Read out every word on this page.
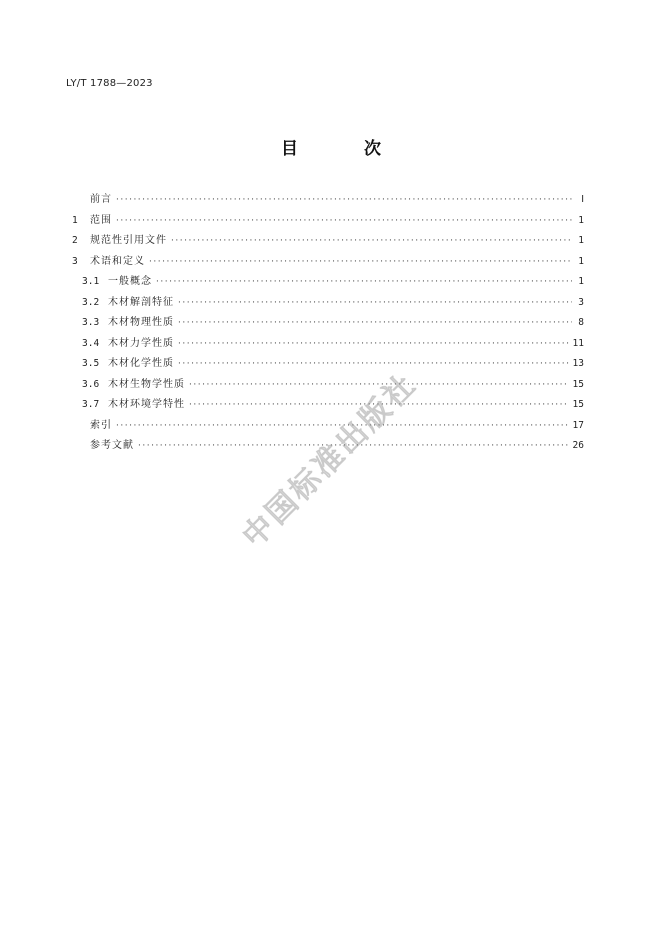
LY/T 1788—2023
目 次
前言 ·····	Ⅰ
1	范围 ·····	1
2	规范性引用文件 ·····	1
3	术语和定义 ·····	1
3.1 一般概念 ·····	1
3.2 木材解剖特征 ·····	3
3.3 木材物理性质 ·····	8
3.4 木材力学性质 ·····	11
3.5 木材化学性质 ·····	13
3.6 木材生物学性质 ·····	15
3.7 木材环境学特性 ·····	15
索引 ·····	17
参考文献 ·····	26
中国标准出版社
